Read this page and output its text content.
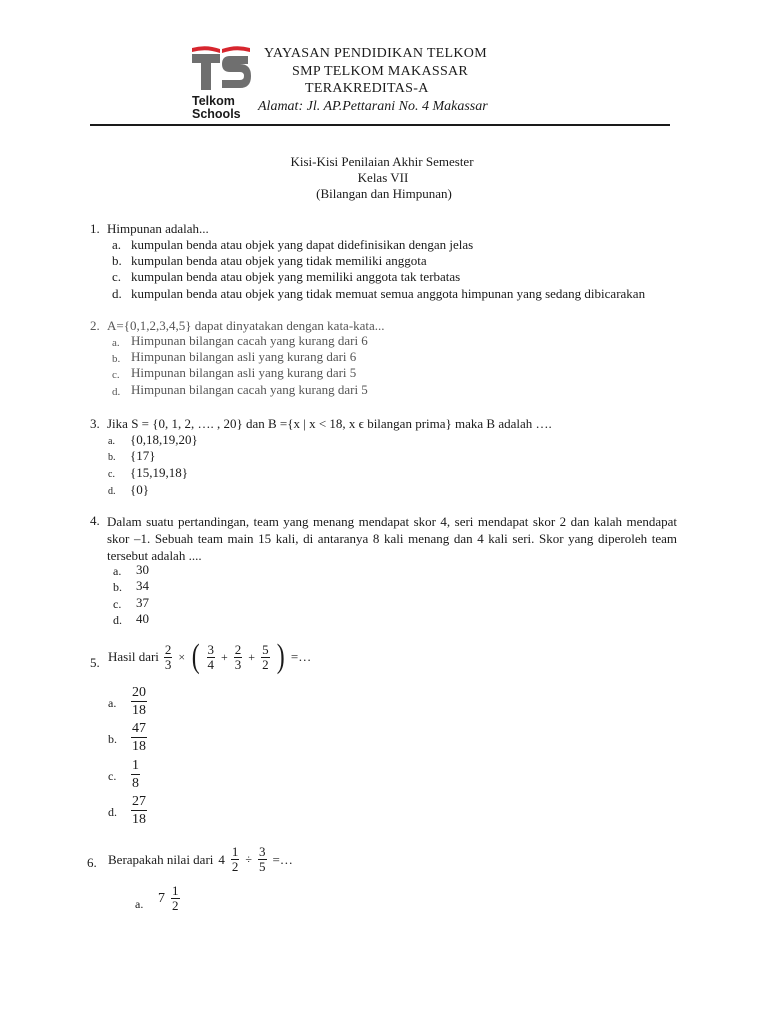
Telkom
Schools
YAYASAN PENDIDIKAN TELKOM
SMP TELKOM MAKASSAR
TERAKREDITAS-A
Alamat: Jl. AP.Pettarani No. 4 Makassar
Kisi-Kisi Penilaian Akhir Semester
Kelas VII
(Bilangan dan Himpunan)
1. Himpunan adalah...
a. kumpulan benda atau objek yang dapat didefinisikan dengan jelas
b. kumpulan benda atau objek yang tidak memiliki anggota
c. kumpulan benda atau objek yang memiliki anggota tak terbatas
d. kumpulan benda atau objek yang tidak memuat semua anggota himpunan yang sedang dibicarakan
2. A={0,1,2,3,4,5} dapat dinyatakan dengan kata-kata...
a. Himpunan bilangan cacah yang kurang dari 6
b. Himpunan bilangan asli yang kurang dari 6
c. Himpunan bilangan asli yang kurang dari 5
d. Himpunan bilangan cacah yang kurang dari 5
3. Jika S = {0, 1, 2, …. , 20} dan B ={x | x < 18, x ϵ bilangan prima} maka B adalah ….
a. {0,18,19,20}
b. {17}
c. {15,19,18}
d. {0}
4. Dalam suatu pertandingan, team yang menang mendapat skor 4, seri mendapat skor 2 dan kalah mendapat skor –1. Sebuah team main 15 kali, di antaranya 8 kali menang dan 4 kali seri. Skor yang diperoleh team tersebut adalah ....
a. 30
b. 34
c. 37
d. 40
5. Hasil dari $\frac{2}{3}$ × ( $\frac{3}{4} + \frac{2}{3} + \frac{5}{2}$ ) =…
a. $\frac{20}{18}$
b. $\frac{47}{18}$
c. $\frac{1}{8}$
d. $\frac{27}{18}$
6. Berapakah nilai dari $4 \frac{1}{2} \div \frac{3}{5}$ =…
a. $7 \frac{1}{2}$
